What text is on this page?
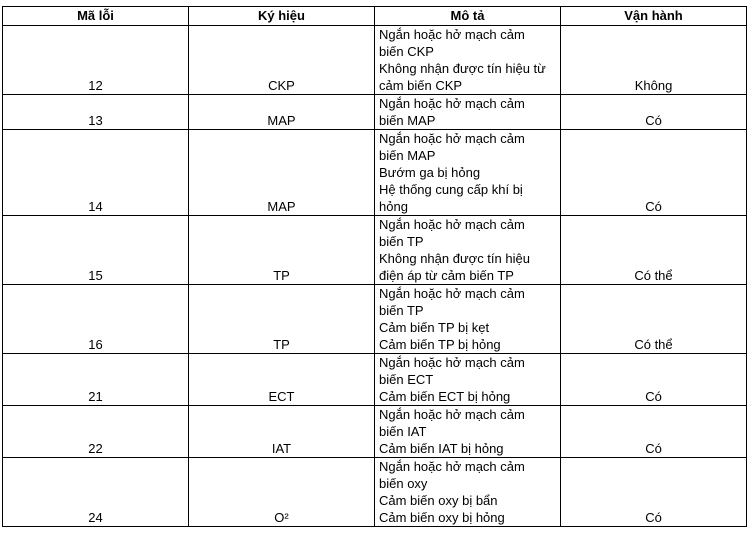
Mã lỗi	Ký hiệu	Mô tả	Vận hành
12	CKP	Ngắn hoặc hở mạch cảm
biến CKP
Không nhận được tín hiệu từ
cảm biến CKP	Không
13	MAP	Ngắn hoặc hở mạch cảm
biến MAP	Có
14	MAP	Ngắn hoặc hở mạch cảm
biến MAP
Bướm ga bị hỏng
Hệ thống cung cấp khí bị
hỏng	Có
15	TP	Ngắn hoặc hở mạch cảm
biến TP
Không nhận được tín hiệu
điện áp từ cảm biến TP	Có thể
16	TP	Ngắn hoặc hở mạch cảm
biến TP
Cảm biến TP bị kẹt
Cảm biến TP bị hỏng	Có thể
21	ECT	Ngắn hoặc hở mạch cảm
biến ECT
Cảm biến ECT bị hỏng	Có
22	IAT	Ngắn hoặc hở mạch cảm
biến IAT
Cảm biến IAT bị hỏng	Có
24	O²	Ngắn hoặc hở mạch cảm
biến oxy
Cảm biến oxy bị bẩn
Cảm biến oxy bị hỏng	Có
